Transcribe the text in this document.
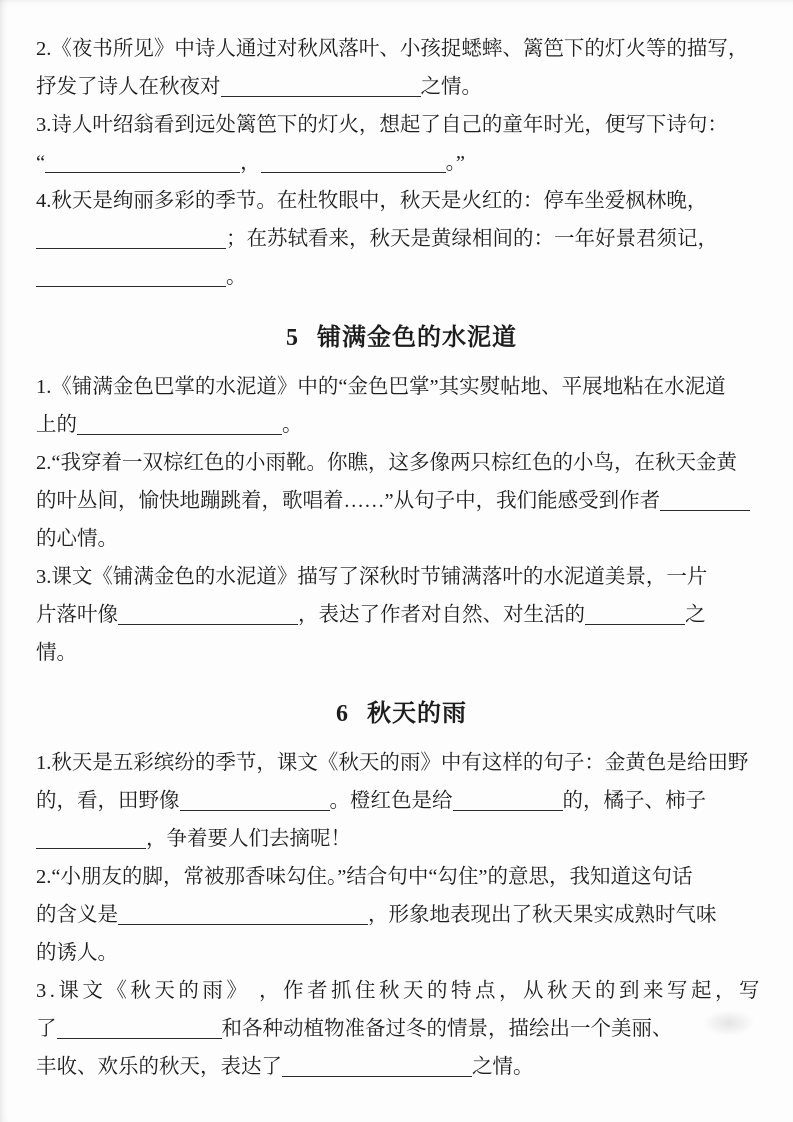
2.《夜书所见》中诗人通过对秋风落叶、小孩捉蟋蟀、篱笆下的灯火等的描写，
抒发了诗人在秋夜对	之情。
3.诗人叶绍翁看到远处篱笆下的灯火，想起了自己的童年时光，便写下诗句：
“	，	。”
4.秋天是绚丽多彩的季节。在杜牧眼中，秋天是火红的：停车坐爱枫林晚，
；在苏轼看来，秋天是黄绿相间的：一年好景君须记，
。
5 铺满金色的水泥道
1.《铺满金色巴掌的水泥道》中的“金色巴掌”其实熨帖地、平展地粘在水泥道
上的	。
2.“我穿着一双棕红色的小雨靴。你瞧，这多像两只棕红色的小鸟，在秋天金黄
的叶丛间，愉快地蹦跳着，歌唱着……”从句子中，我们能感受到作者
的心情。
3.课文《铺满金色的水泥道》描写了深秋时节铺满落叶的水泥道美景，一片
片落叶像	，表达了作者对自然、对生活的	之
情。
6 秋天的雨
1.秋天是五彩缤纷的季节，课文《秋天的雨》中有这样的句子：金黄色是给田野
的，看，田野像	。橙红色是给	的，橘子、柿子
，争着要人们去摘呢！
2.“小朋友的脚，常被那香味勾住。”结合句中“勾住”的意思，我知道这句话
的含义是	，形象地表现出了秋天果实成熟时气味
的诱人。
3.课文《秋天的雨》 ，作者抓住秋天的特点，从秋天的到来写起，写
了	和各种动植物准备过冬的情景，描绘出一个美丽、
丰收、欢乐的秋天，表达了	之情。
